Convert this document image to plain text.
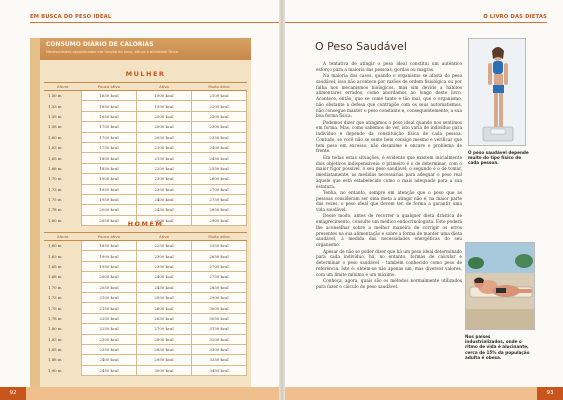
EM BUSCA DO PESO IDEAL
CONSUMO DIÁRIO DE CALORIAS
Necessidades aproximadas em função do sexo, altura e atividade física
MULHER
Altura	Pouco ativo	Ativo	Muito ativo
1,50 m	1650 kcal	1900 kcal	2100 kcal
1,53 m	1650 kcal	1950 kcal	2200 kcal
1,55 m	1650 kcal	2000 kcal	2200 kcal
1,58 m	1700 kcal	2000 kcal	2300 kcal
1,60 m	1700 kcal	2050 kcal	2350 kcal
1,63 m	1750 kcal	2100 kcal	2400 kcal
1,65 m	1800 kcal	2150 kcal	2450 kcal
1,68 m	1850 kcal	2200 kcal	2550 kcal
1,70 m	1900 kcal	2300 kcal	2600 kcal
1,73 m	1950 kcal	2350 kcal	2700 kcal
1,75 m	1950 kcal	2400 kcal	2750 kcal
1,78 m	2000 kcal	2450 kcal	2850 kcal
1,80 m	2050 kcal	2500 kcal	2900 kcal
HOMEM
Altura	Pouco ativo	Ativo	Muito ativo
1,60 m	1850 kcal	2250 kcal	2550 kcal
1,63 m	1900 kcal	2300 kcal	2650 kcal
1,65 m	1950 kcal	2350 kcal	2700 kcal
1,68 m	2000 kcal	2400 kcal	2750 kcal
1,70 m	2050 kcal	2450 kcal	2850 kcal
1,73 m	2100 kcal	2550 kcal	2900 kcal
1,75 m	2150 kcal	2600 kcal	3000 kcal
1,78 m	2200 kcal	2650 kcal	3050 kcal
1,80 m	2250 kcal	2700 kcal	3150 kcal
1,83 m	2300 kcal	2800 kcal	3200 kcal
1,85 m	2350 kcal	2850 kcal	3300 kcal
1,88 m	2400 kcal	2950 kcal	3350 kcal
1,90 m	2450 kcal	3000 kcal	3450 kcal
92
O LIVRO DAS DIETAS
O Peso Saudável

A tentativa de atingir o peso ideal constitui um autêntico esforço para a maioria das pessoas, gordas ou magras.

Na maioria dos casos, quando o organismo se afasta do peso saudável, isso não acontece por razões de ordem fisiológica ou por falha nos mecanismos biológicos, mas sim devido a hábitos alimentares errados, como abordamos ao longo deste livro. Acontece, então, que se come tanto e tão mal, que o organismo, não obstante a defesa que contrapõe com os seus automatismos, não consegue manter o peso constante e, consequentemente, a sua boa forma física.

Podemos dizer que atingimos o peso ideal quando nos sentimos em forma. Mas, como sabemos de ver, isto varia de indivíduo para indivíduo e depende da constituição física de cada pessoa. Contudo, se você não se sente bem consigo mesmo e verificar que tem peso em excesso, não desanime e encare o problema de frente.

Em todas estas situações, é evidente que existem inicialmente dois objetivos indispensáveis: o primeiro é o de determinar, com o maior rigor possível, o seu peso saudável; o segundo é o de tomar, imediatamente, as medidas necessárias para adequar o peso real àquele que está estabelecido como o mais adequado para a sua estatura.

Tenha, no entanto, sempre em atenção que o peso que as pessoas consideram ser uma meta a atingir não é, na maior parte das vezes, o peso ideal que devem ter, de forma a garantir uma vida saudável.

Desse modo, antes de recorrer a qualquer dieta drástica de emagrecimento, consulte um médico endocrinologista. Este poderá lhe aconselhar sobre a melhor maneira de corrigir os erros presentes na sua alimentação e sobre a forma de manter uma dieta saudável, à medida das necessidades energéticas do seu organismo.

Apesar de não se poder dizer que há um peso ideal determinado para cada indivíduo, há, no entanto, formas de calcular e determinar o peso saudável – também conhecido como peso de referência. Isto é: obtém-se não apenas um, mas diversos valores, com um limite mínimo e um máximo.

Conheça, agora, quais são os métodos normalmente utilizados para fazer o cálculo do peso saudável.

O peso saudável depende muito do tipo físico de cada pessoa.
Nos países industrializados, onde o ritmo de vida é alucinante, cerca de 15% da população adulta é obesa.
93
